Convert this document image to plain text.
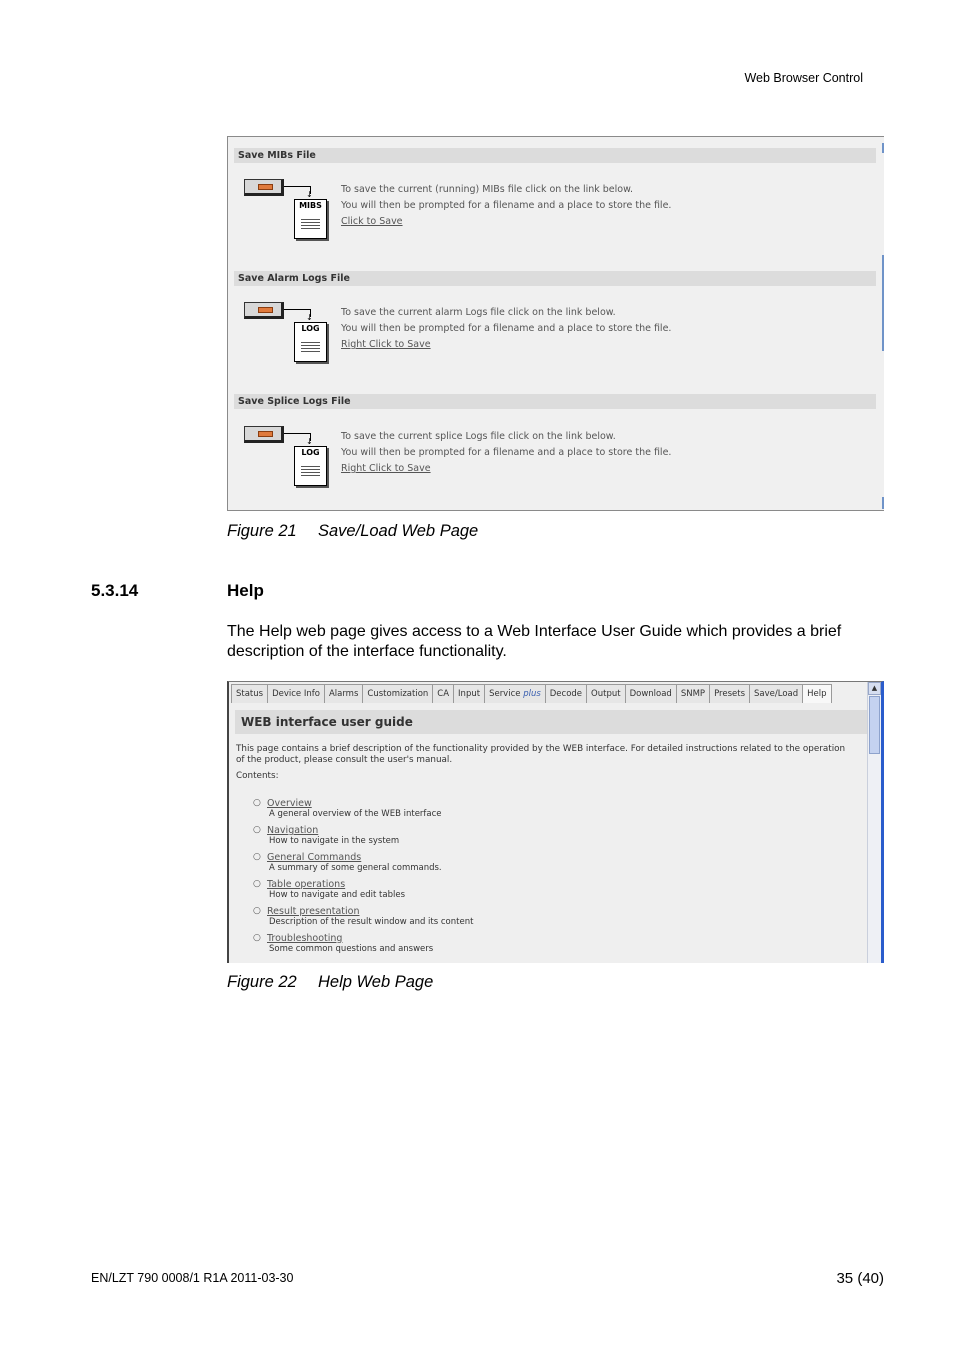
Web Browser Control
Save MIBs File
↓
MIBS
To save the current (running) MIBs file click on the link below.
You will then be prompted for a filename and a place to store the file.
Click to Save
Save Alarm Logs File
↓
LOG
To save the current alarm Logs file click on the link below.
You will then be prompted for a filename and a place to store the file.
Right Click to Save
Save Splice Logs File
↓
LOG
To save the current splice Logs file click on the link below.
You will then be prompted for a filename and a place to store the file.
Right Click to Save
Figure 21 Save/Load Web Page
5.3.14	Help
The Help web page gives access to a Web Interface User Guide which provides a brief description of the interface functionality.
Status	Device Info	Alarms	Customization	CA	Input	Service plus	Decode	Output	Download	SNMP	Presets	Save/Load	Help
▲
WEB interface user guide
This page contains a brief description of the functionality provided by the WEB interface. For detailed instructions related to the operation of the product, please consult the user's manual.
Contents:
○ Overview
A general overview of the WEB interface
○ Navigation
How to navigate in the system
○ General Commands
A summary of some general commands.
○ Table operations
How to navigate and edit tables
○ Result presentation
Description of the result window and its content
○ Troubleshooting
Some common questions and answers
Figure 22 Help Web Page
EN/LZT 790 0008/1 R1A 2011-03-30	35 (40)
